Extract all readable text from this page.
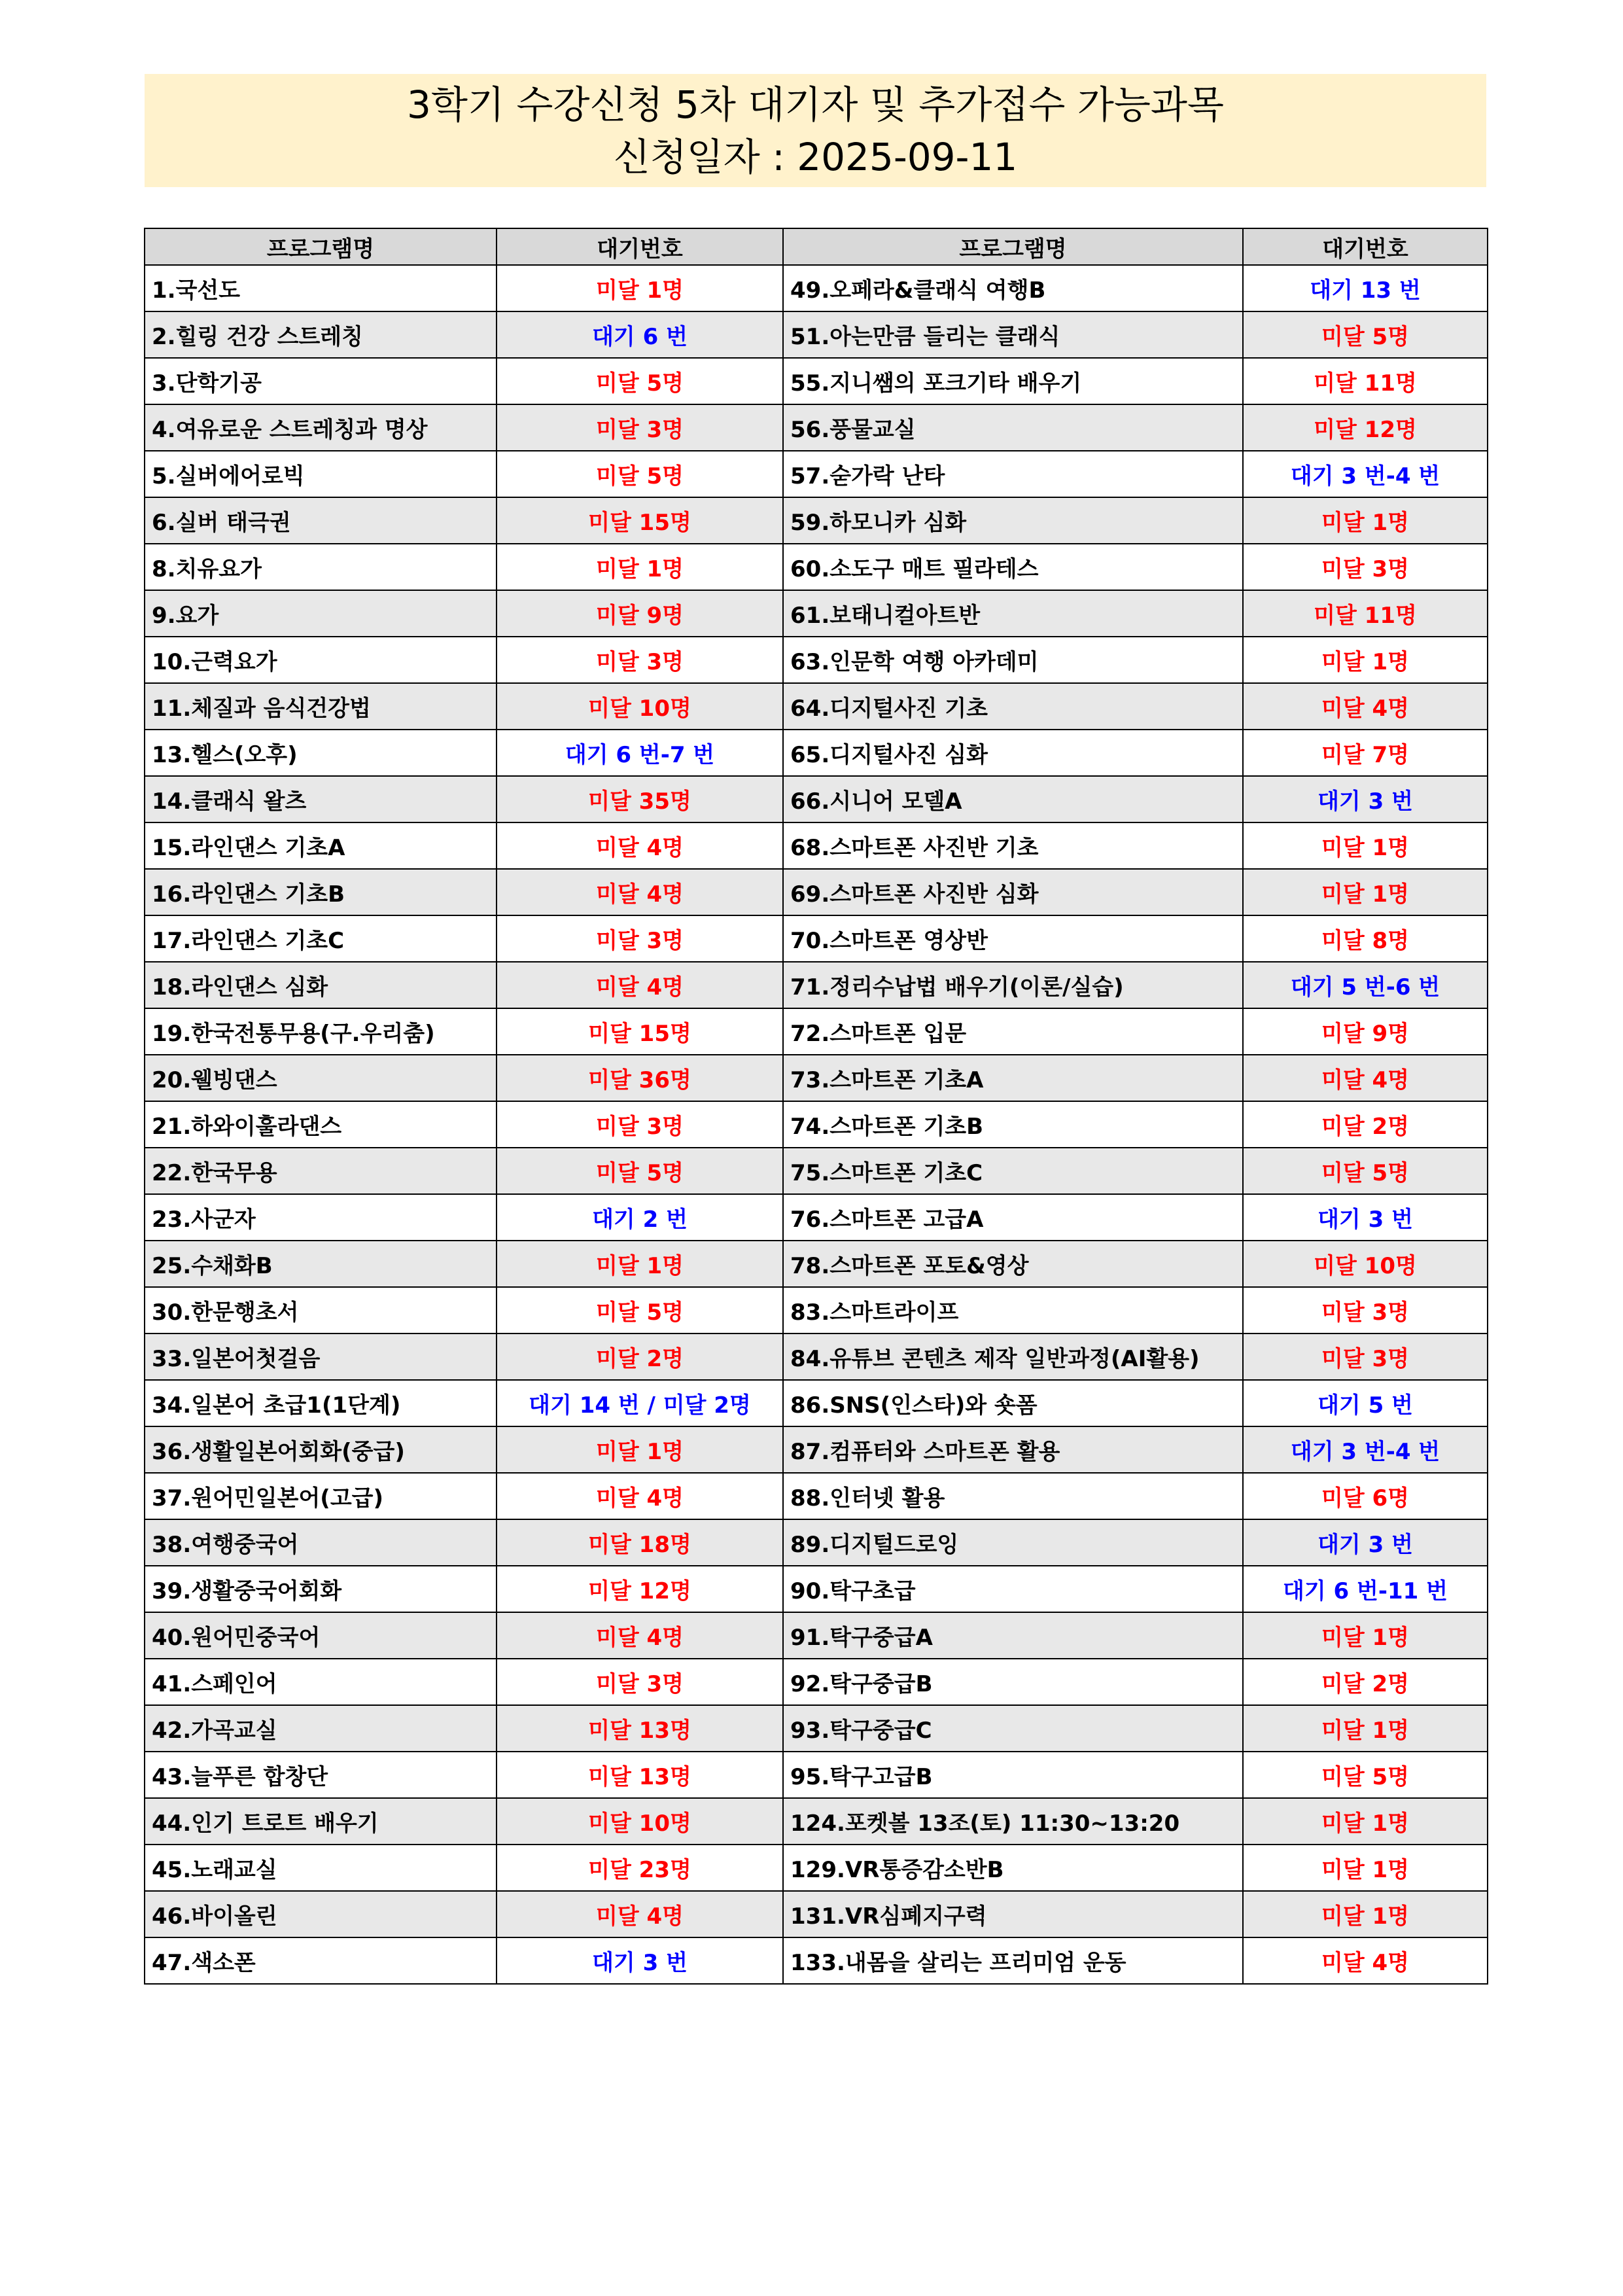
3학기 수강신청 5차 대기자 및 추가접수 가능과목
신청일자 : 2025-09-11
프로그램명	대기번호	프로그램명	대기번호
1.국선도	미달 1명	49.오페라&클래식 여행B	대기 13 번
2.힐링 건강 스트레칭	대기 6 번	51.아는만큼 들리는 클래식	미달 5명
3.단학기공	미달 5명	55.지니쌤의 포크기타 배우기	미달 11명
4.여유로운 스트레칭과 명상	미달 3명	56.풍물교실	미달 12명
5.실버에어로빅	미달 5명	57.숟가락 난타	대기 3 번-4 번
6.실버 태극권	미달 15명	59.하모니카 심화	미달 1명
8.치유요가	미달 1명	60.소도구 매트 필라테스	미달 3명
9.요가	미달 9명	61.보태니컬아트반	미달 11명
10.근력요가	미달 3명	63.인문학 여행 아카데미	미달 1명
11.체질과 음식건강법	미달 10명	64.디지털사진 기초	미달 4명
13.헬스(오후)	대기 6 번-7 번	65.디지털사진 심화	미달 7명
14.클래식 왈츠	미달 35명	66.시니어 모델A	대기 3 번
15.라인댄스 기초A	미달 4명	68.스마트폰 사진반 기초	미달 1명
16.라인댄스 기초B	미달 4명	69.스마트폰 사진반 심화	미달 1명
17.라인댄스 기초C	미달 3명	70.스마트폰 영상반	미달 8명
18.라인댄스 심화	미달 4명	71.정리수납법 배우기(이론/실습)	대기 5 번-6 번
19.한국전통무용(구.우리춤)	미달 15명	72.스마트폰 입문	미달 9명
20.웰빙댄스	미달 36명	73.스마트폰 기초A	미달 4명
21.하와이훌라댄스	미달 3명	74.스마트폰 기초B	미달 2명
22.한국무용	미달 5명	75.스마트폰 기초C	미달 5명
23.사군자	대기 2 번	76.스마트폰 고급A	대기 3 번
25.수채화B	미달 1명	78.스마트폰 포토&영상	미달 10명
30.한문행초서	미달 5명	83.스마트라이프	미달 3명
33.일본어첫걸음	미달 2명	84.유튜브 콘텐츠 제작 일반과정(AI활용)	미달 3명
34.일본어 초급1(1단계)	대기 14 번 / 미달 2명	86.SNS(인스타)와 숏폼	대기 5 번
36.생활일본어회화(중급)	미달 1명	87.컴퓨터와 스마트폰 활용	대기 3 번-4 번
37.원어민일본어(고급)	미달 4명	88.인터넷 활용	미달 6명
38.여행중국어	미달 18명	89.디지털드로잉	대기 3 번
39.생활중국어회화	미달 12명	90.탁구초급	대기 6 번-11 번
40.원어민중국어	미달 4명	91.탁구중급A	미달 1명
41.스페인어	미달 3명	92.탁구중급B	미달 2명
42.가곡교실	미달 13명	93.탁구중급C	미달 1명
43.늘푸른 합창단	미달 13명	95.탁구고급B	미달 5명
44.인기 트로트 배우기	미달 10명	124.포켓볼 13조(토) 11:30~13:20	미달 1명
45.노래교실	미달 23명	129.VR통증감소반B	미달 1명
46.바이올린	미달 4명	131.VR심폐지구력	미달 1명
47.색소폰	대기 3 번	133.내몸을 살리는 프리미엄 운동	미달 4명
